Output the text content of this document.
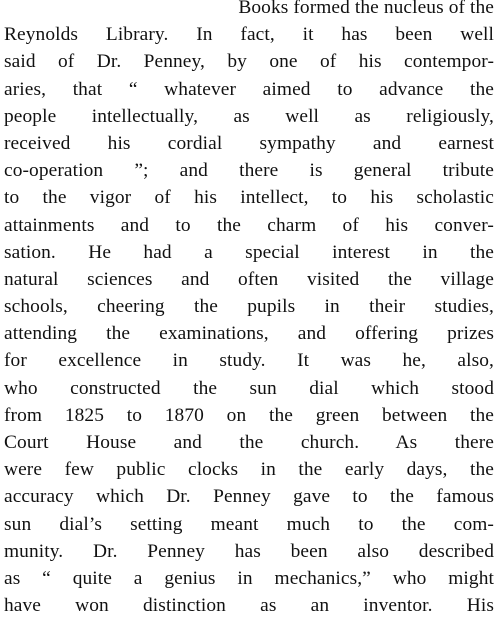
Books formed the nucleus of the
Reynolds Library. In fact, it has been well
said of Dr. Penney, by one of his contempor-
aries, that “ whatever aimed to advance the
people intellectually, as well as religiously,
received his cordial sympathy and earnest
co-operation ”; and there is general tribute
to the vigor of his intellect, to his scholastic
attainments and to the charm of his conver-
sation. He had a special interest in the
natural sciences and often visited the village
schools, cheering the pupils in their studies,
attending the examinations, and offering prizes
for excellence in study. It was he, also,
who constructed the sun dial which stood
from 1825 to 1870 on the green between the
Court House and the church. As there
were few public clocks in the early days, the
accuracy which Dr. Penney gave to the famous
sun dial’s setting meant much to the com-
munity. Dr. Penney has been also described
as “ quite a genius in mechanics,” who might
have won distinction as an inventor. His
